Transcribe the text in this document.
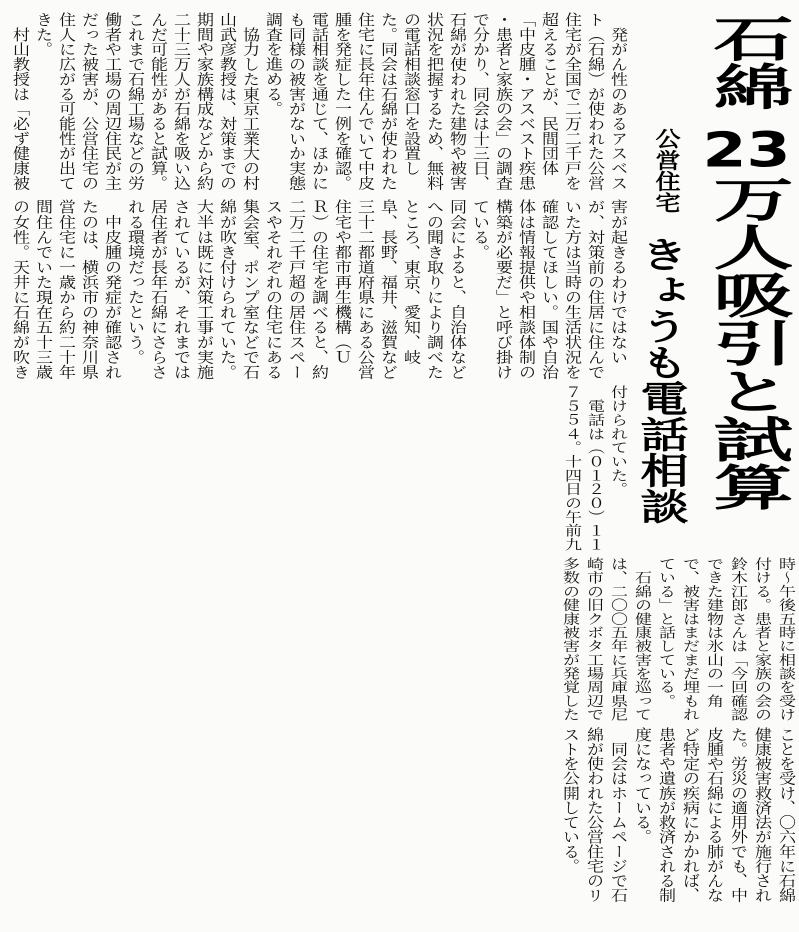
石綿23万人吸引と試算
公営住宅
きょうも電話相談
　発がん性のあるアスベス
ト（石綿）が使われた公営
住宅が全国で二万二千戸を
超えることが、民間団体
「中皮腫・アスベスト疾患
・患者と家族の会」の調査
で分かり、同会は十三日、
石綿が使われた建物や被害
状況を把握するため、無料
の電話相談窓口を設置し
た。同会は石綿が使われた
住宅に長年住んでいて中皮
腫を発症した一例を確認。
電話相談を通じて、ほかに
も同様の被害がないか実態
調査を進める。
　協力した東京工業大の村
山武彦教授は、対策までの
期間や家族構成などから約
二十三万人が石綿を吸い込
んだ可能性があると試算。
これまで石綿工場などの労
働者や工場の周辺住民が主
だった被害が、公営住宅の
住人に広がる可能性が出て
きた。
　村山教授は「必ず健康被
害が起きるわけではない
が、対策前の住居に住んで
いた方は当時の生活状況を
確認してほしい。国や自治
体は情報提供や相談体制の
構築が必要だ」と呼び掛け
ている。
同会によると、自治体など
への聞き取りにより調べた
ところ、東京、愛知、岐
阜、長野、福井、滋賀など
三十二都道府県にある公営
住宅や都市再生機構（Ｕ
Ｒ）の住宅を調べると、約
二万二千戸超の居住スペー
スやそれぞれの住宅にある
集会室、ポンプ室などで石
綿が吹き付けられていた。
大半は既に対策工事が実施
されているが、それまでは
居住者が長年石綿にさらさ
れる環境だったという。
　中皮腫の発症が確認され
たのは、横浜市の神奈川県
営住宅に一歳から約二十年
間住んでいた現在五十三歳
の女性。天井に石綿が吹き
付けられていた。
　電話は（０１２０）１１
７５５４。十四日の午前九
時～午後五時に相談を受け
付ける。患者と家族の会の
鈴木江郎さんは「今回確認
できた建物は氷山の一角
で、被害はまだまだ埋もれ
ている」と話している。
　石綿の健康被害を巡って
は、二〇〇五年に兵庫県尼
崎市の旧クボタ工場周辺で
多数の健康被害が発覚した
ことを受け、〇六年に石綿
健康被害救済法が施行され
た。労災の適用外でも、中
皮腫や石綿による肺がんな
ど特定の疾病にかかれば、
患者や遺族が救済される制
度になっている。
　同会はホームページで石
綿が使われた公営住宅のリ
ストを公開している。
